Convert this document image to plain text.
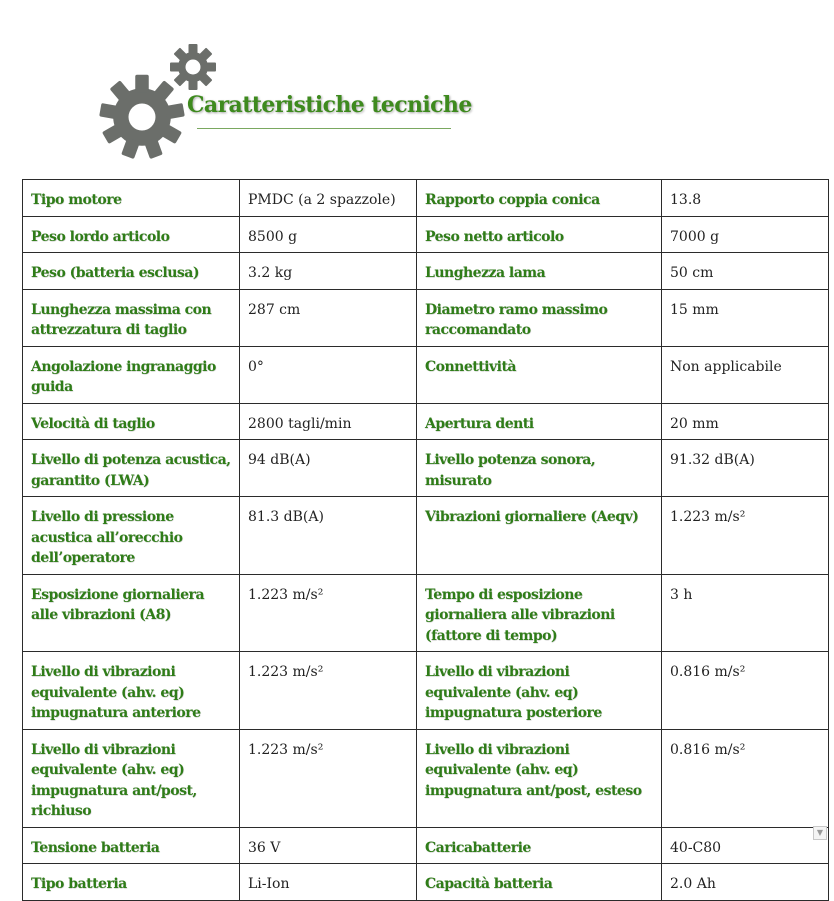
Caratteristiche tecniche
Tipo motore	PMDC (a 2 spazzole)	Rapporto coppia conica	13.8
Peso lordo articolo	8500 g	Peso netto articolo	7000 g
Peso (batteria esclusa)	3.2 kg	Lunghezza lama	50 cm
Lunghezza massima con attrezzatura di taglio	287 cm	Diametro ramo massimo raccomandato	15 mm
Angolazione ingranaggio guida	0°	Connettività	Non applicabile
Velocità di taglio	2800 tagli/min	Apertura denti	20 mm
Livello di potenza acustica, garantito (LWA)	94 dB(A)	Livello potenza sonora, misurato	91.32 dB(A)
Livello di pressione acustica all’orecchio dell’operatore	81.3 dB(A)	Vibrazioni giornaliere (Aeqv)	1.223 m/s²
Esposizione giornaliera alle vibrazioni (A8)	1.223 m/s²	Tempo di esposizione giornaliera alle vibrazioni (fattore di tempo)	3 h
Livello di vibrazioni equivalente (ahv. eq) impugnatura anteriore	1.223 m/s²	Livello di vibrazioni equivalente (ahv. eq) impugnatura posteriore	0.816 m/s²
Livello di vibrazioni equivalente (ahv. eq) impugnatura ant/post, richiuso	1.223 m/s²	Livello di vibrazioni equivalente (ahv. eq) impugnatura ant/post, esteso	0.816 m/s²
Tensione batteria	36 V	Caricabatterie	40-C80
Tipo batteria	Li-Ion	Capacità batteria	2.0 Ah
▼
